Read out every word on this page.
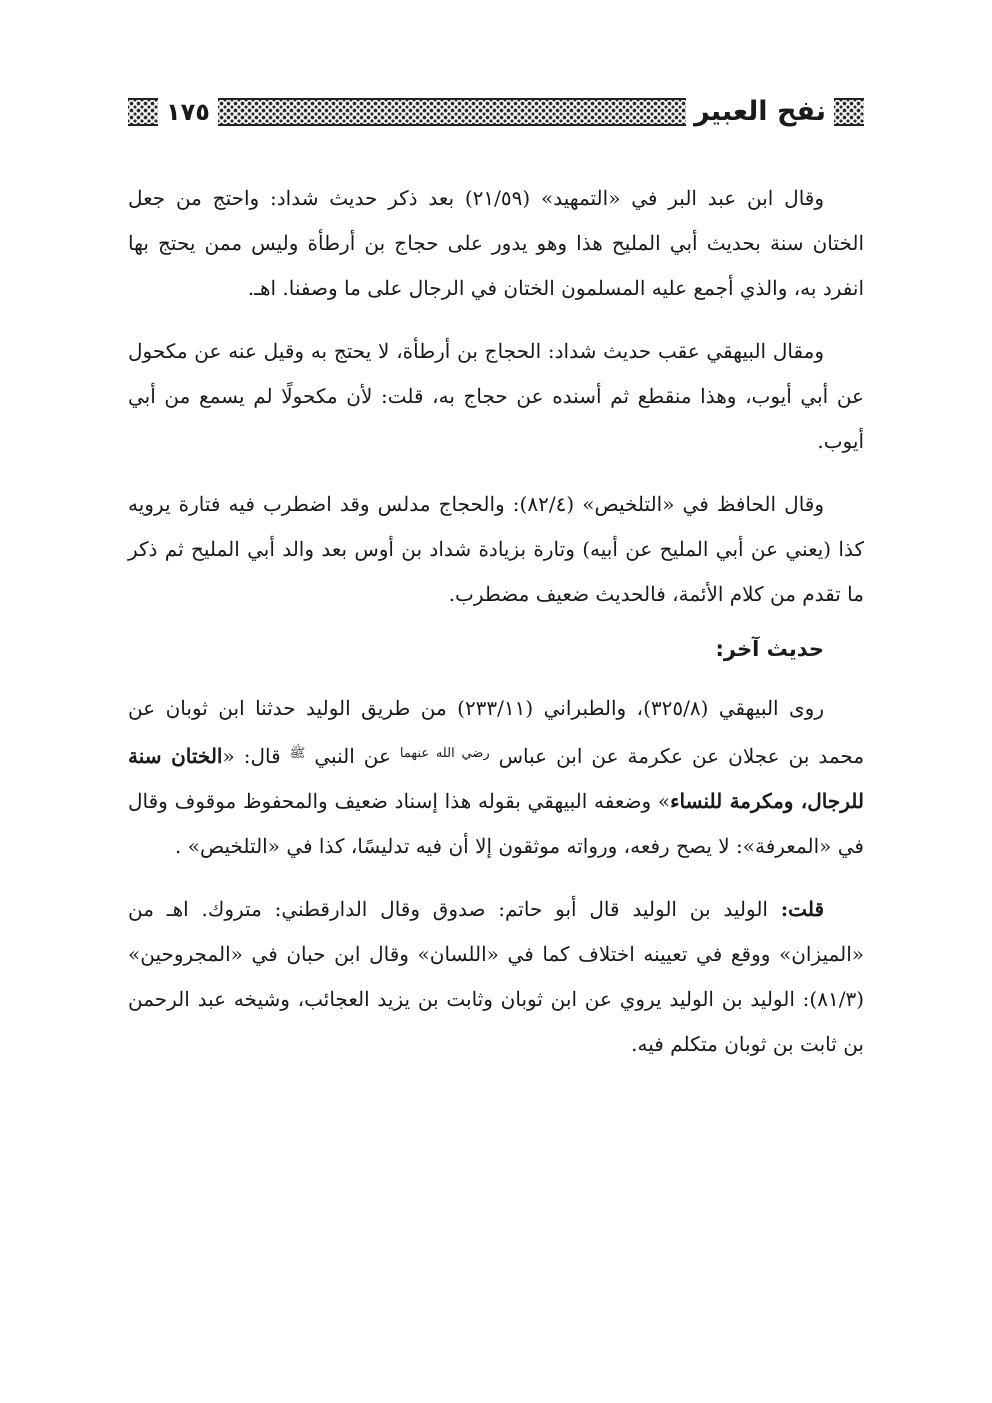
نفح العبير
١٧٥

وقال ابن عبد البر في «التمهيد» (٢١/٥٩) بعد ذكر حديث شداد: واحتج من جعل الختان سنة بحديث أبي المليح هذا وهو يدور على حجاج بن أرطأة وليس ممن يحتج بها انفرد به، والذي أجمع عليه المسلمون الختان في الرجال على ما وصفنا. اهـ.

ومقال البيهقي عقب حديث شداد: الحجاج بن أرطأة، لا يحتج به وقيل عنه عن مكحول عن أبي أيوب، وهذا منقطع ثم أسنده عن حجاج به، قلت: لأن مكحولًا لم يسمع من أبي أيوب.

وقال الحافظ في «التلخيص» (٨٢/٤): والحجاج مدلس وقد اضطرب فيه فتارة يرويه كذا (يعني عن أبي المليح عن أبيه) وتارة بزيادة شداد بن أوس بعد والد أبي المليح ثم ذكر ما تقدم من كلام الأئمة، فالحديث ضعيف مضطرب.

حديث آخر:

روى البيهقي (٣٢٥/٨)، والطبراني (٢٣٣/١١) من طريق الوليد حدثنا ابن ثوبان عن محمد بن عجلان عن عكرمة عن ابن عباس $^{رضي الله عنهما}$ عن النبي $^ﷺ$ قال: «الختان سنة للرجال، ومكرمة للنساء» وضعفه البيهقي بقوله هذا إسناد ضعيف والمحفوظ موقوف وقال في «المعرفة»: لا يصح رفعه، ورواته موثقون إلا أن فيه تدليسًا، كذا في «التلخيص» .

قلت: الوليد بن الوليد قال أبو حاتم: صدوق وقال الدارقطني: متروك. اهـ من «الميزان» ووقع في تعيينه اختلاف كما في «اللسان» وقال ابن حبان في «المجروحين» (٨١/٣): الوليد بن الوليد يروي عن ابن ثوبان وثابت بن يزيد العجائب، وشيخه عبد الرحمن بن ثابت بن ثوبان متكلم فيه.
